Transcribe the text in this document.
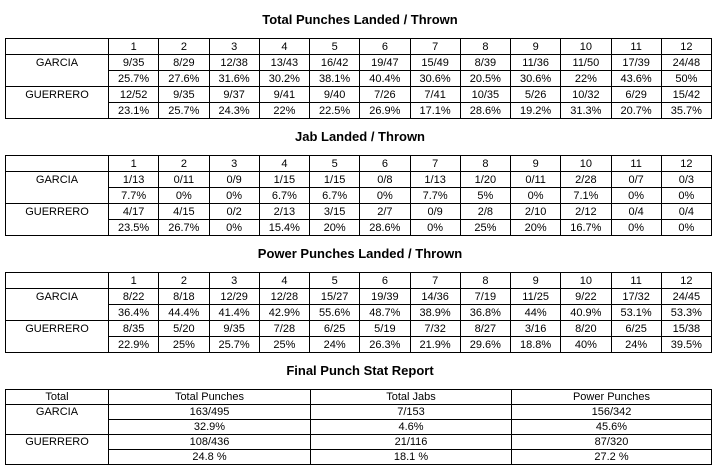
Total Punches Landed / Thrown
	1	2	3	4	5	6	7	8	9	10	11	12
GARCIA	9/35	8/29	12/38	13/43	16/42	19/47	15/49	8/39	11/36	11/50	17/39	24/48
	25.7%	27.6%	31.6%	30.2%	38.1%	40.4%	30.6%	20.5%	30.6%	22%	43.6%	50%
GUERRERO	12/52	9/35	9/37	9/41	9/40	7/26	7/41	10/35	5/26	10/32	6/29	15/42
	23.1%	25.7%	24.3%	22%	22.5%	26.9%	17.1%	28.6%	19.2%	31.3%	20.7%	35.7%
Jab Landed / Thrown
	1	2	3	4	5	6	7	8	9	10	11	12
GARCIA	1/13	0/11	0/9	1/15	1/15	0/8	1/13	1/20	0/11	2/28	0/7	0/3
	7.7%	0%	0%	6.7%	6.7%	0%	7.7%	5%	0%	7.1%	0%	0%
GUERRERO	4/17	4/15	0/2	2/13	3/15	2/7	0/9	2/8	2/10	2/12	0/4	0/4
	23.5%	26.7%	0%	15.4%	20%	28.6%	0%	25%	20%	16.7%	0%	0%
Power Punches Landed / Thrown
	1	2	3	4	5	6	7	8	9	10	11	12
GARCIA	8/22	8/18	12/29	12/28	15/27	19/39	14/36	7/19	11/25	9/22	17/32	24/45
	36.4%	44.4%	41.4%	42.9%	55.6%	48.7%	38.9%	36.8%	44%	40.9%	53.1%	53.3%
GUERRERO	8/35	5/20	9/35	7/28	6/25	5/19	7/32	8/27	3/16	8/20	6/25	15/38
	22.9%	25%	25.7%	25%	24%	26.3%	21.9%	29.6%	18.8%	40%	24%	39.5%
Final Punch Stat Report
Total	Total Punches	Total Jabs	Power Punches
GARCIA	163/495	7/153	156/342
	32.9%	4.6%	45.6%
GUERRERO	108/436	21/116	87/320
	24.8 %	18.1 %	27.2 %
